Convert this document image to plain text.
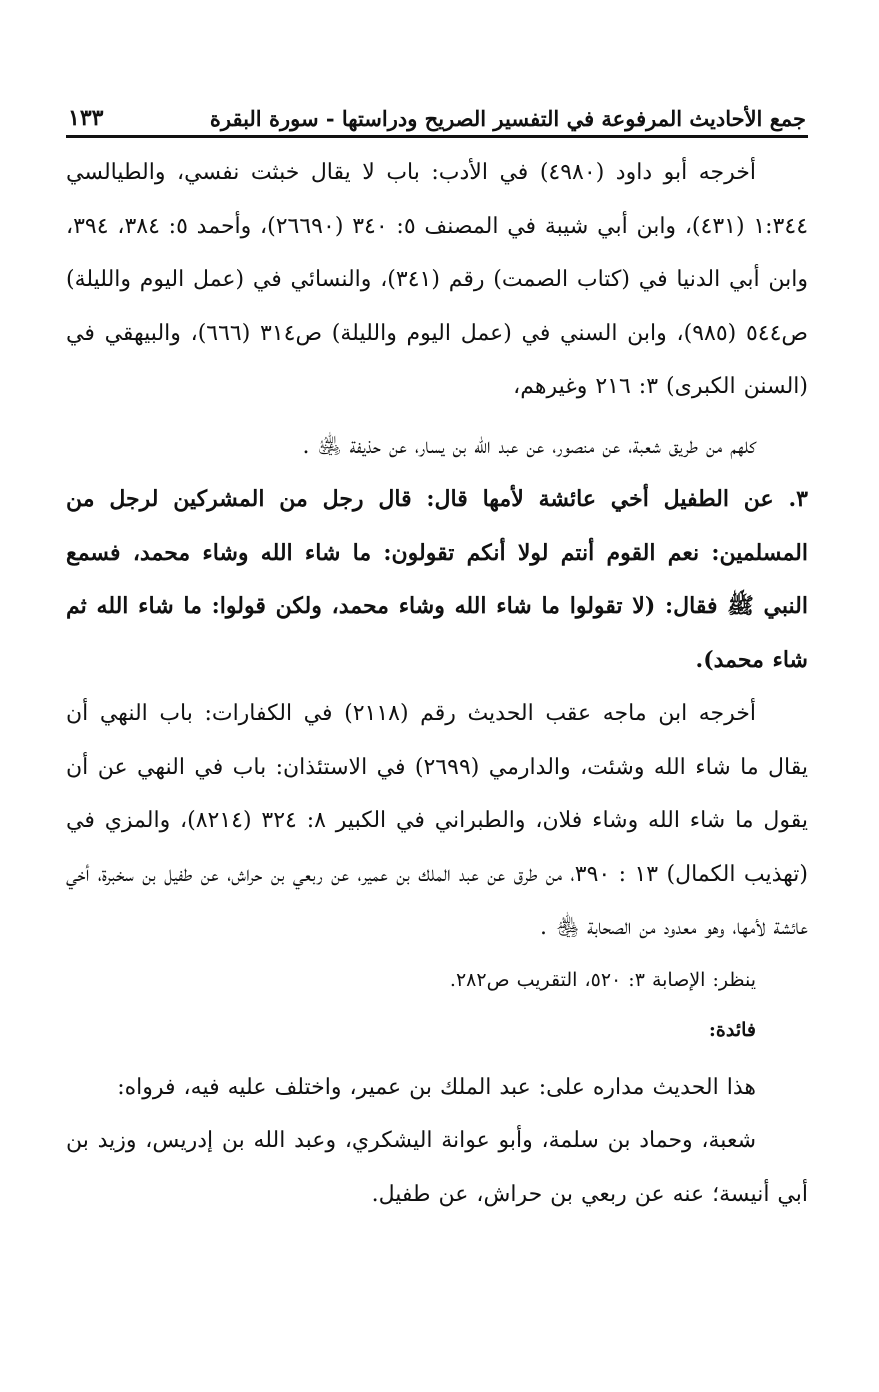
جمع الأحاديث المرفوعة في التفسير الصريح ودراستها - سورة البقرة
١٣٣

أخرجه أبو داود (٤٩٨٠) في الأدب: باب لا يقال خبثت نفسي، والطيالسي ١:٣٤٤ (٤٣١)، وابن أبي شيبة في المصنف ٥: ٣٤٠ (٢٦٦٩٠)، وأحمد ٥: ٣٨٤، ٣٩٤، وابن أبي الدنيا في (كتاب الصمت) رقم (٣٤١)، والنسائي في (عمل اليوم والليلة) ص٥٤٤ (٩٨٥)، وابن السني في (عمل اليوم والليلة) ص٣١٤ (٦٦٦)، والبيهقي في (السنن الكبرى) ٣: ٢١٦ وغيرهم،

كلهم من طريق شعبة، عن منصور، عن عبد الله بن يسار، عن حذيفة ﵁ .

٣. عن الطفيل أخي عائشة لأمها قال: قال رجل من المشركين لرجل من المسلمين: نعم القوم أنتم لولا أنكم تقولون: ما شاء الله وشاء محمد، فسمع النبي ﷺ فقال: (لا تقولوا ما شاء الله وشاء محمد، ولكن قولوا: ما شاء الله ثم شاء محمد).

أخرجه ابن ماجه عقب الحديث رقم (٢١١٨) في الكفارات: باب النهي أن يقال ما شاء الله وشئت، والدارمي (٢٦٩٩) في الاستئذان: باب في النهي عن أن يقول ما شاء الله وشاء فلان، والطبراني في الكبير ٨: ٣٢٤ (٨٢١٤)، والمزي في (تهذيب الكمال) ١٣ : ٣٩٠، من طرق عن عبد الملك بن عمير، عن ربعي بن حراش، عن طفيل بن سخبرة، أخي عائشة لأمها، وهو معدود من الصحابة ﵃ .

ينظر: الإصابة ٣: ٥٢٠، التقريب ص٢٨٢.

فائدة:

هذا الحديث مداره على: عبد الملك بن عمير، واختلف عليه فيه، فرواه:

شعبة، وحماد بن سلمة، وأبو عوانة اليشكري، وعبد الله بن إدريس، وزيد بن أبي أنيسة؛ عنه عن ربعي بن حراش، عن طفيل.
